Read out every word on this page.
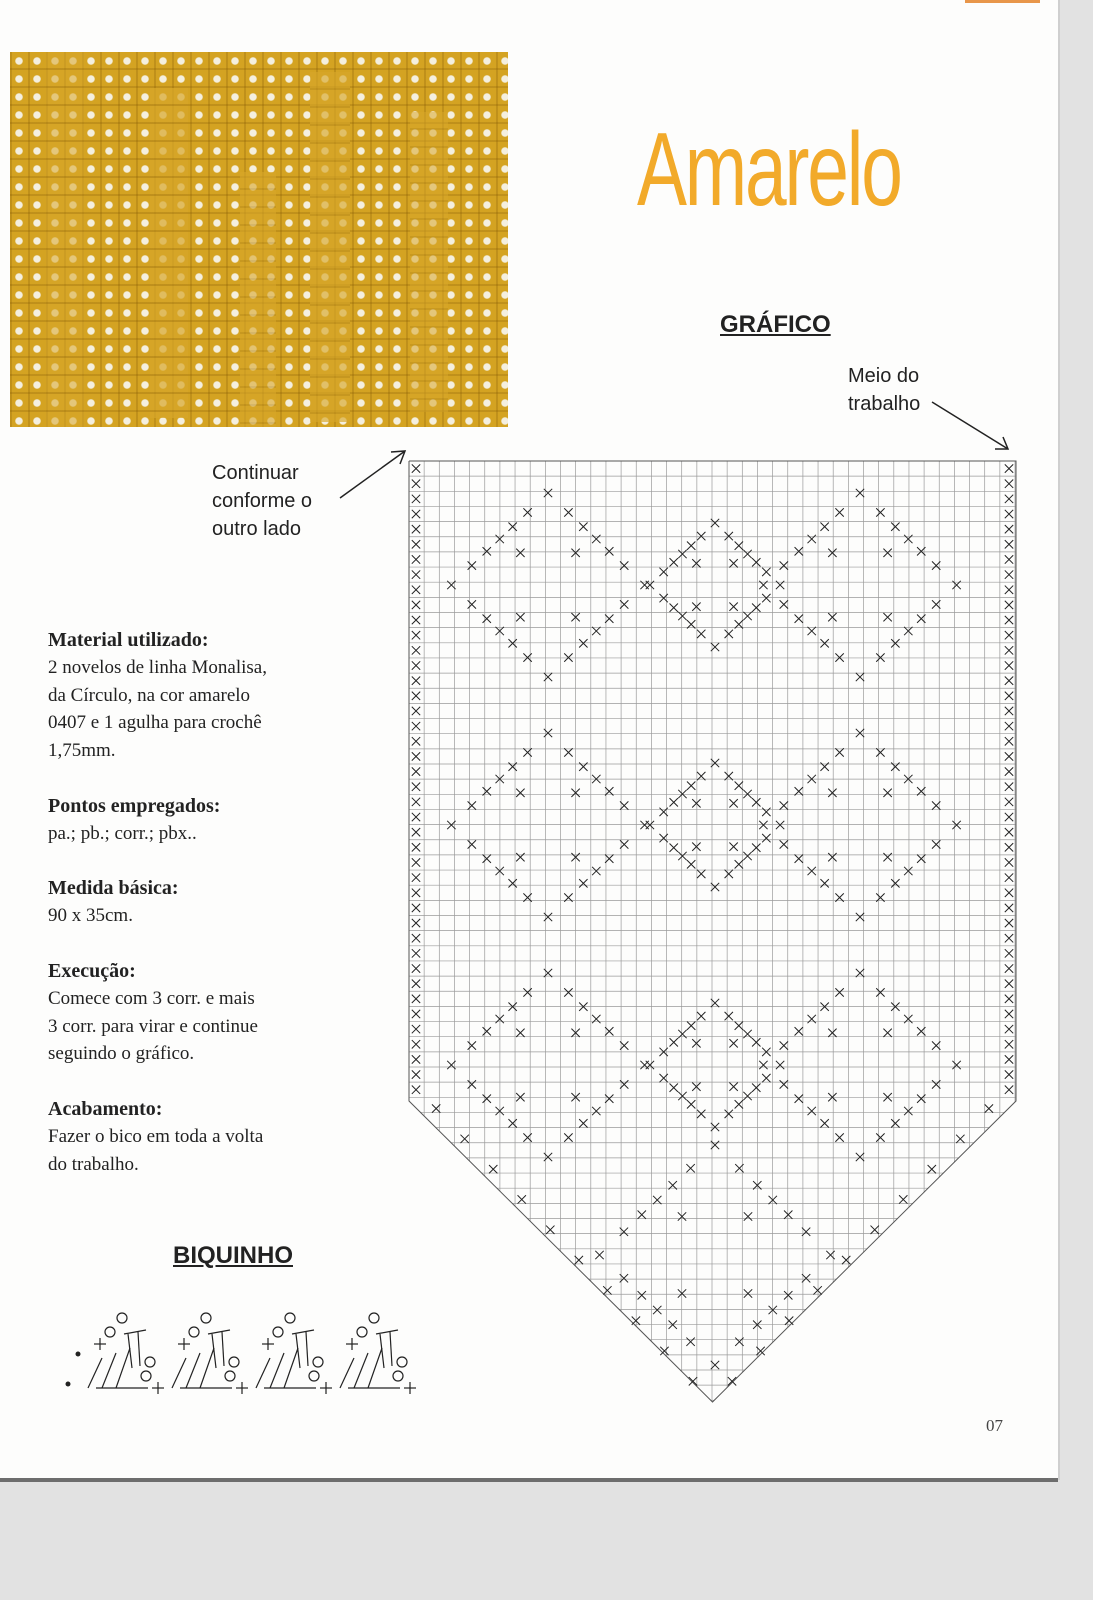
Amarelo
GRÁFICO
Meio do
trabalho
Continuar
conforme o
outro lado
Material utilizado:
2 novelos de linha Monalisa,
da Círculo, na cor amarelo
0407 e 1 agulha para crochê
1,75mm.
Pontos empregados:
pa.; pb.; corr.; pbx..
Medida básica:
90 x 35cm.
Execução:
Comece com 3 corr. e mais
3 corr. para virar e continue
seguindo o gráfico.
Acabamento:
Fazer o bico em toda a volta
do trabalho.
BIQUINHO
07
